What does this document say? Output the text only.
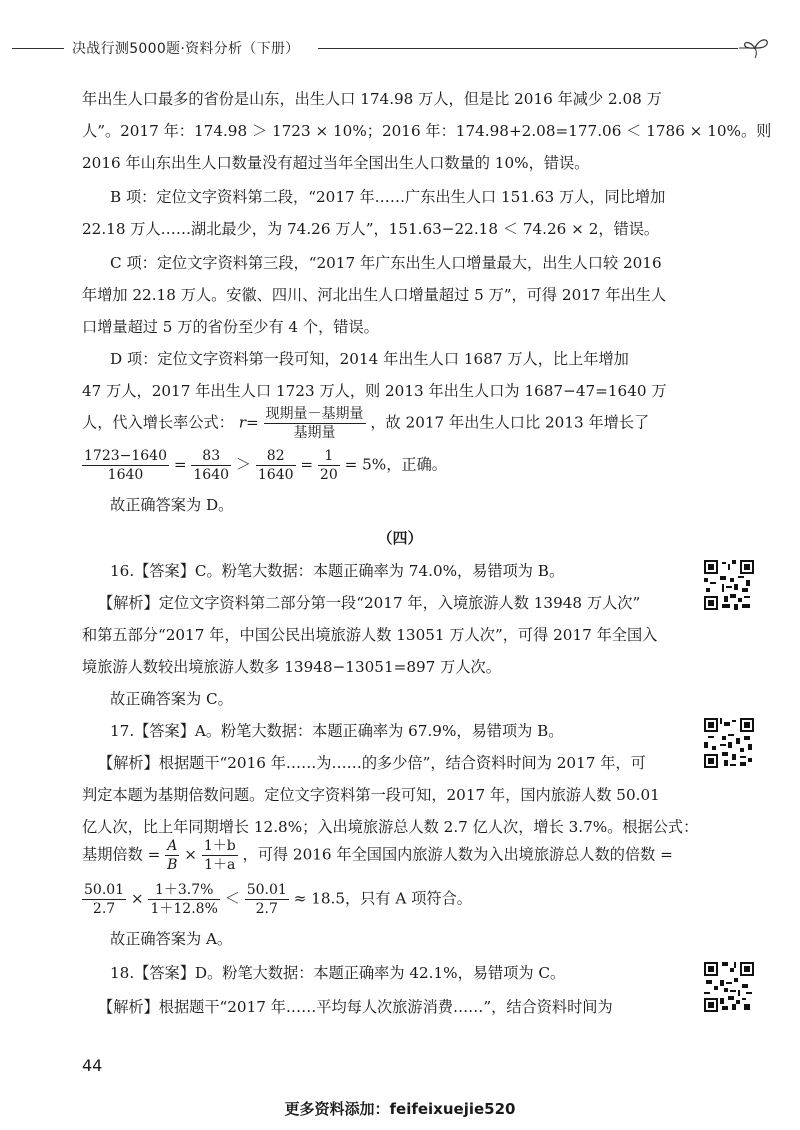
决战行测5000题·资料分析（下册）
年出生人口最多的省份是山东，出生人口 174.98 万人，但是比 2016 年减少 2.08 万
人”。2017 年：174.98 ＞ 1723 × 10%；2016 年：174.98+2.08=177.06 ＜ 1786 × 10%。则
2016 年山东出生人口数量没有超过当年全国出生人口数量的 10%，错误。
B 项：定位文字资料第二段，“2017 年……广东出生人口 151.63 万人，同比增加
22.18 万人……湖北最少，为 74.26 万人”，151.63−22.18 ＜ 74.26 × 2，错误。
C 项：定位文字资料第三段，“2017 年广东出生人口增量最大，出生人口较 2016
年增加 22.18 万人。安徽、四川、河北出生人口增量超过 5 万”，可得 2017 年出生人
口增量超过 5 万的省份至少有 4 个，错误。
D 项：定位文字资料第一段可知，2014 年出生人口 1687 万人，比上年增加
47 万人，2017 年出生人口 1723 万人，则 2013 年出生人口为 1687−47=1640 万
人，代入增长率公式： $r= \frac{\text{现期量－基期量}}{\text{基期量}}$ ，故 2017 年出生人口比 2013 年增长了
$\frac{1723-1640}{1640} = \frac{83}{1640} > \frac{82}{1640} = \frac{1}{20} = 5\%$，正确。
故正确答案为 D。
（四）
16.【答案】C。粉笔大数据：本题正确率为 74.0%，易错项为 B。
【解析】定位文字资料第二部分第一段“2017 年，入境旅游人数 13948 万人次”
和第五部分“2017 年，中国公民出境旅游人数 13051 万人次”，可得 2017 年全国入
境旅游人数较出境旅游人数多 13948−13051=897 万人次。
故正确答案为 C。
17.【答案】A。粉笔大数据：本题正确率为 67.9%，易错项为 B。
【解析】根据题干“2016 年……为……的多少倍”，结合资料时间为 2017 年，可
判定本题为基期倍数问题。定位文字资料第一段可知，2017 年，国内旅游人数 50.01
亿人次，比上年同期增长 12.8%；入出境旅游总人数 2.7 亿人次，增长 3.7%。根据公式：
基期倍数 = $\frac{A}{B} \times \frac{1+b}{1+a}$ ，可得 2016 年全国国内旅游人数为入出境旅游总人数的倍数 =
$\frac{50.01}{2.7} \times \frac{1+3.7\%}{1+12.8\%} < \frac{50.01}{2.7} \approx 18.5$，只有 A 项符合。
故正确答案为 A。
18.【答案】D。粉笔大数据：本题正确率为 42.1%，易错项为 C。
【解析】根据题干“2017 年……平均每人次旅游消费……”，结合资料时间为
44
更多资料添加：feifeixuejie520
